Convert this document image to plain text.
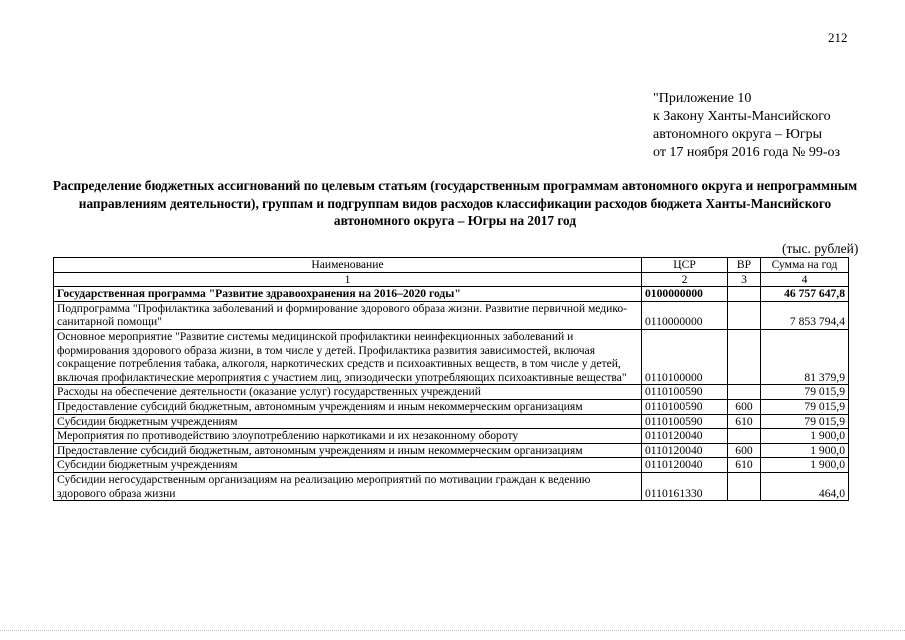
212
"Приложение 10
к Закону Ханты-Мансийского
автономного округа – Югры
от 17 ноября 2016 года № 99-оз
Распределение бюджетных ассигнований по целевым статьям (государственным программам автономного округа и непрограммным направлениям деятельности), группам и подгруппам видов расходов классификации расходов бюджета Ханты-Мансийского автономного округа – Югры на 2017 год
(тыс. рублей)
Наименование	ЦСР	ВР	Сумма на год
1	2	3	4
Государственная программа "Развитие здравоохранения на 2016–2020 годы"	0100000000		46 757 647,8
Подпрограмма "Профилактика заболеваний и формирование здорового образа жизни. Развитие первичной медико-санитарной помощи"	0110000000		7 853 794,4
Основное мероприятие "Развитие системы медицинской профилактики неинфекционных заболеваний и формирования здорового образа жизни, в том числе у детей. Профилактика развития зависимостей, включая сокращение потребления табака, алкоголя, наркотических средств и психоактивных веществ, в том числе у детей, включая профилактические мероприятия с участием лиц, эпизодически употребляющих психоактивные вещества"	0110100000		81 379,9
Расходы на обеспечение деятельности (оказание услуг) государственных учреждений	0110100590		79 015,9
Предоставление субсидий бюджетным, автономным учреждениям и иным некоммерческим организациям	0110100590	600	79 015,9
Субсидии бюджетным учреждениям	0110100590	610	79 015,9
Мероприятия по противодействию злоупотреблению наркотиками и их незаконному обороту	0110120040		1 900,0
Предоставление субсидий бюджетным, автономным учреждениям и иным некоммерческим организациям	0110120040	600	1 900,0
Субсидии бюджетным учреждениям	0110120040	610	1 900,0
Субсидии негосударственным организациям на реализацию мероприятий по мотивации граждан к ведению здорового образа жизни	0110161330		464,0
